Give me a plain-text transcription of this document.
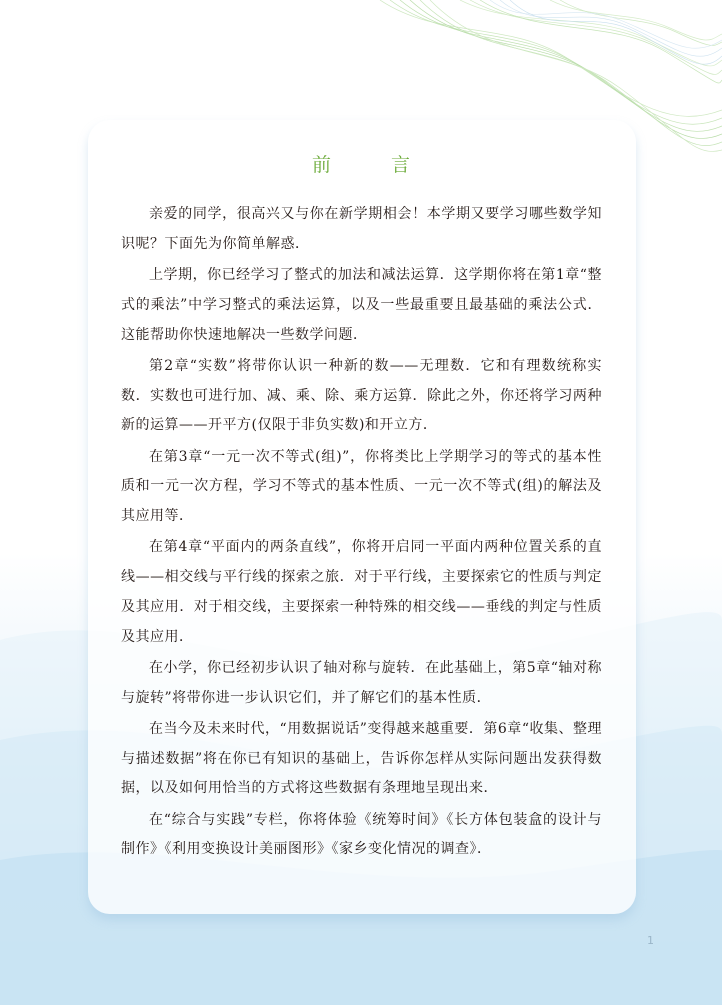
前 言

亲爱的同学，很高兴又与你在新学期相会！本学期又要学习哪些数学知识呢？下面先为你简单解惑．

上学期，你已经学习了整式的加法和减法运算．这学期你将在第1章“整式的乘法”中学习整式的乘法运算，以及一些最重要且最基础的乘法公式．这能帮助你快速地解决一些数学问题．

第2章“实数”将带你认识一种新的数——无理数．它和有理数统称实数．实数也可进行加、减、乘、除、乘方运算．除此之外，你还将学习两种新的运算——开平方(仅限于非负实数)和开立方．

在第3章“一元一次不等式(组)”，你将类比上学期学习的等式的基本性质和一元一次方程，学习不等式的基本性质、一元一次不等式(组)的解法及其应用等．

在第4章“平面内的两条直线”，你将开启同一平面内两种位置关系的直线——相交线与平行线的探索之旅．对于平行线，主要探索它的性质与判定及其应用．对于相交线，主要探索一种特殊的相交线——垂线的判定与性质及其应用．

在小学，你已经初步认识了轴对称与旋转．在此基础上，第5章“轴对称与旋转”将带你进一步认识它们，并了解它们的基本性质．

在当今及未来时代，“用数据说话”变得越来越重要．第6章“收集、整理与描述数据”将在你已有知识的基础上，告诉你怎样从实际问题出发获得数据，以及如何用恰当的方式将这些数据有条理地呈现出来．

在“综合与实践”专栏，你将体验《统筹时间》《长方体包装盒的设计与制作》《利用变换设计美丽图形》《家乡变化情况的调查》．

1
